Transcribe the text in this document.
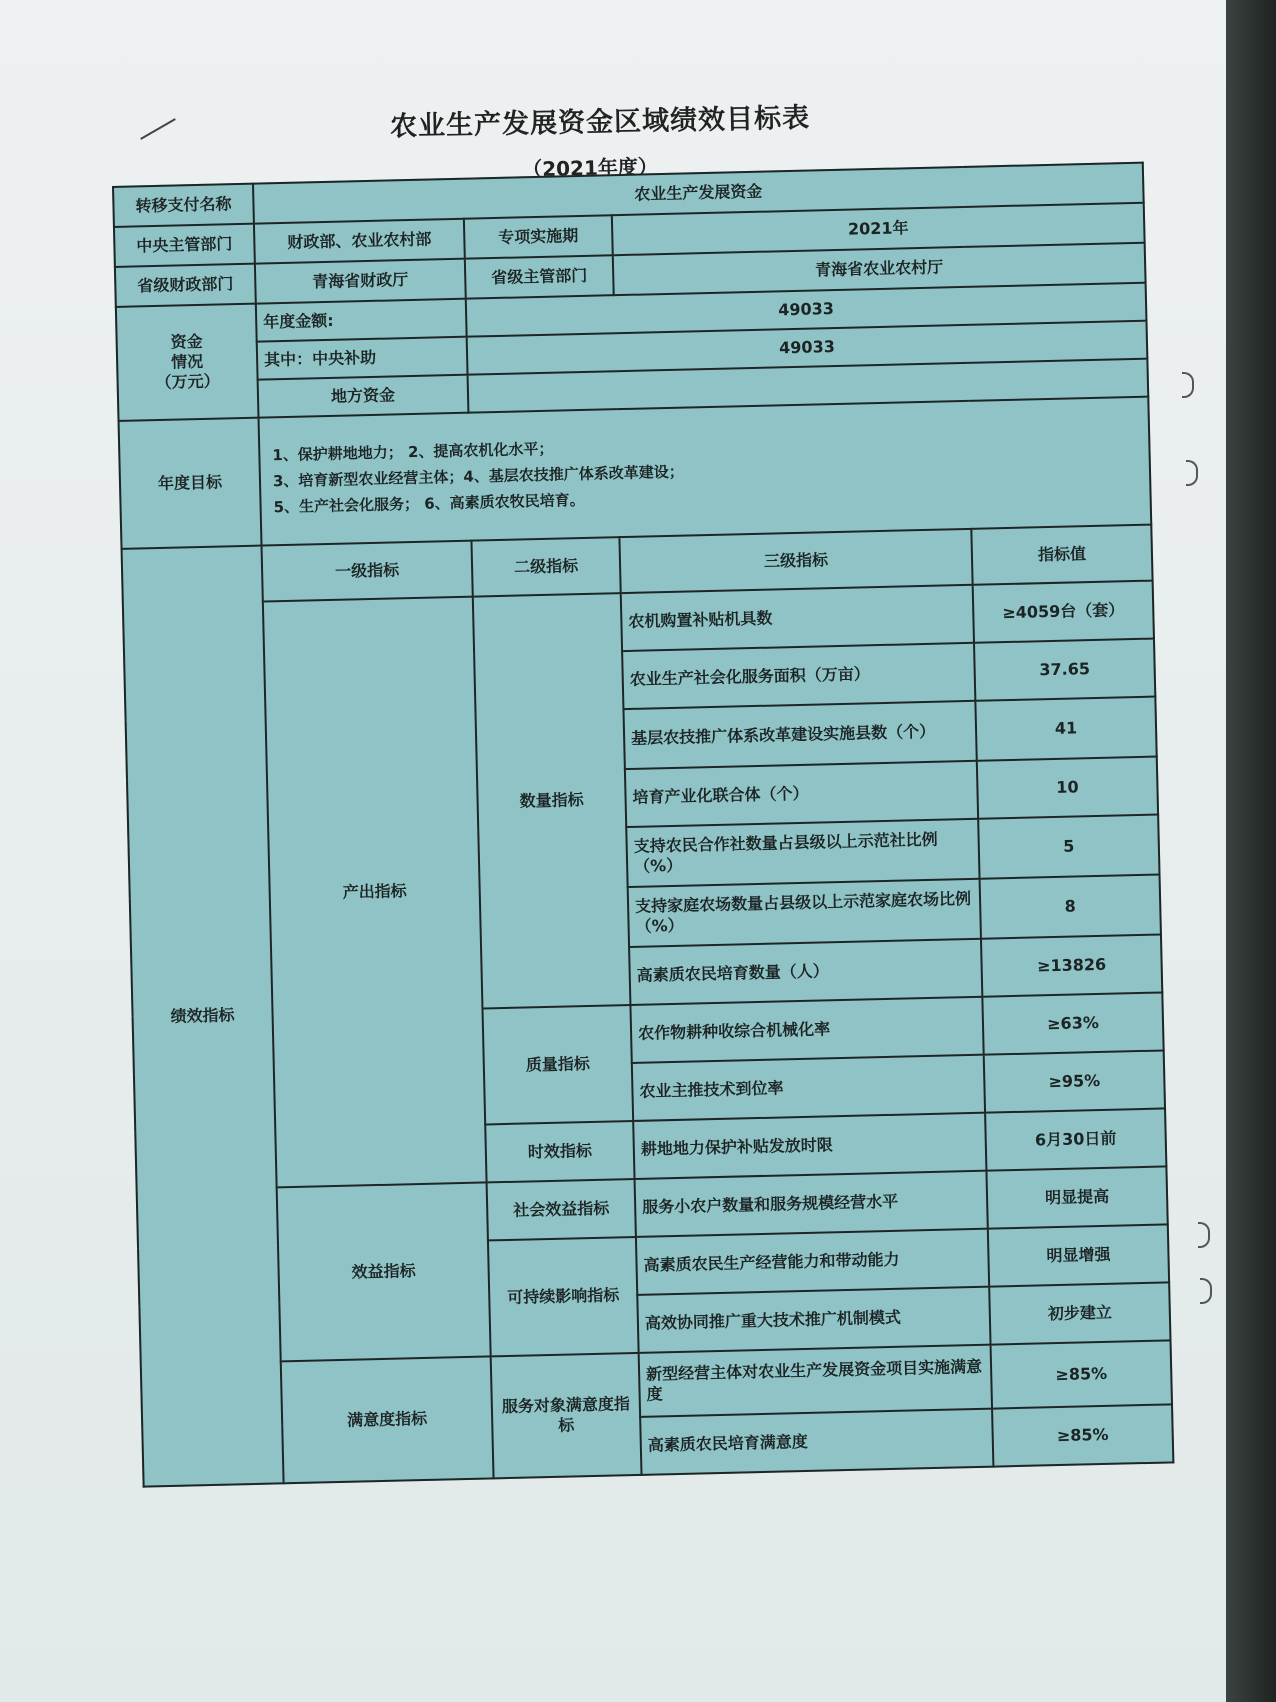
农业生产发展资金区域绩效目标表
（2021年度）
转移支付名称	农业生产发展资金			
中央主管部门	财政部、农业农村部	专项实施期	2021年	
省级财政部门	青海省财政厅	省级主管部门	青海省农业农村厅	
资金
情况
（万元）	年度金额:	49033		
	其中：中央补助	49033		
	地方资金			
年度目标	1、保护耕地地力； 2、提高农机化水平；
3、培育新型农业经营主体；4、基层农技推广体系改革建设；
5、生产社会化服务； 6、高素质农牧民培育。			

绩效指标	一级指标	二级指标	三级指标	指标值
	产出指标	数量指标	农机购置补贴机具数	≥4059台（套）
			农业生产社会化服务面积（万亩）	37.65
			基层农技推广体系改革建设实施县数（个）	41
			培育产业化联合体（个）	10
			支持农民合作社数量占县级以上示范社比例（%）	5
			支持家庭农场数量占县级以上示范家庭农场比例（%）	8
			高素质农民培育数量（人）	≥13826
		质量指标	农作物耕种收综合机械化率	≥63%
			农业主推技术到位率	≥95%
		时效指标	耕地地力保护补贴发放时限	6月30日前
	效益指标	社会效益指标	服务小农户数量和服务规模经营水平	明显提高
		可持续影响指标	高素质农民生产经营能力和带动能力	明显增强
			高效协同推广重大技术推广机制模式	初步建立
	满意度指标	服务对象满意度指标	新型经营主体对农业生产发展资金项目实施满意度	≥85%
			高素质农民培育满意度	≥85%
